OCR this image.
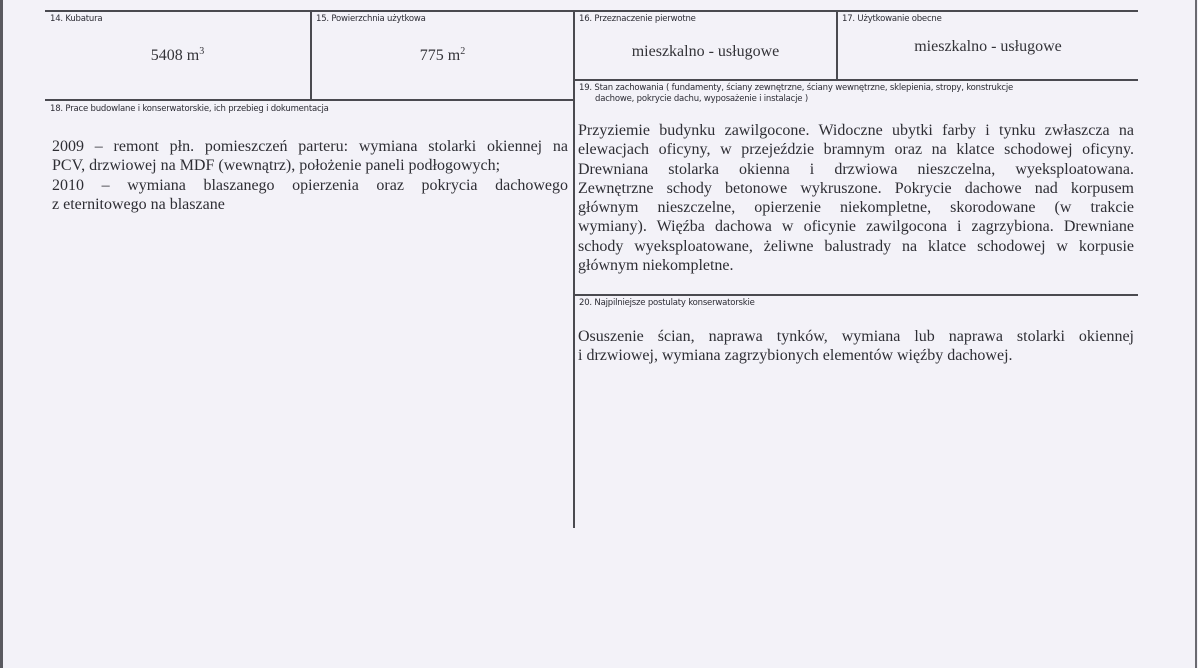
14. Kubatura
5408 $m^3$
15. Powierzchnia użytkowa
775 $m^2$
16. Przeznaczenie pierwotne
mieszkalno - usługowe
17. Użytkowanie obecne
mieszkalno - usługowe
18. Prace budowlane i konserwatorskie, ich przebieg i dokumentacja
2009 – remont płn. pomieszczeń parteru: wymiana stolarki okiennej na
PCV, drzwiowej na MDF (wewnątrz), położenie paneli podłogowych;
2010 – wymiana blaszanego opierzenia oraz pokrycia dachowego
z eternitowego na blaszane
19. Stan zachowania ( fundamenty, ściany zewnętrzne, ściany wewnętrzne, sklepienia, stropy, konstrukcje
dachowe, pokrycie dachu, wyposażenie i instalacje )
Przyziemie budynku zawilgocone. Widoczne ubytki farby i tynku zwłaszcza na
elewacjach oficyny, w przejeździe bramnym oraz na klatce schodowej oficyny.
Drewniana stolarka okienna i drzwiowa nieszczelna, wyeksploatowana.
Zewnętrzne schody betonowe wykruszone. Pokrycie dachowe nad korpusem
głównym nieszczelne, opierzenie niekompletne, skorodowane (w trakcie
wymiany). Więźba dachowa w oficynie zawilgocona i zagrzybiona. Drewniane
schody wyeksploatowane, żeliwne balustrady na klatce schodowej w korpusie
głównym niekompletne.
20. Najpilniejsze postulaty konserwatorskie
Osuszenie ścian, naprawa tynków, wymiana lub naprawa stolarki okiennej
i drzwiowej, wymiana zagrzybionych elementów więźby dachowej.
